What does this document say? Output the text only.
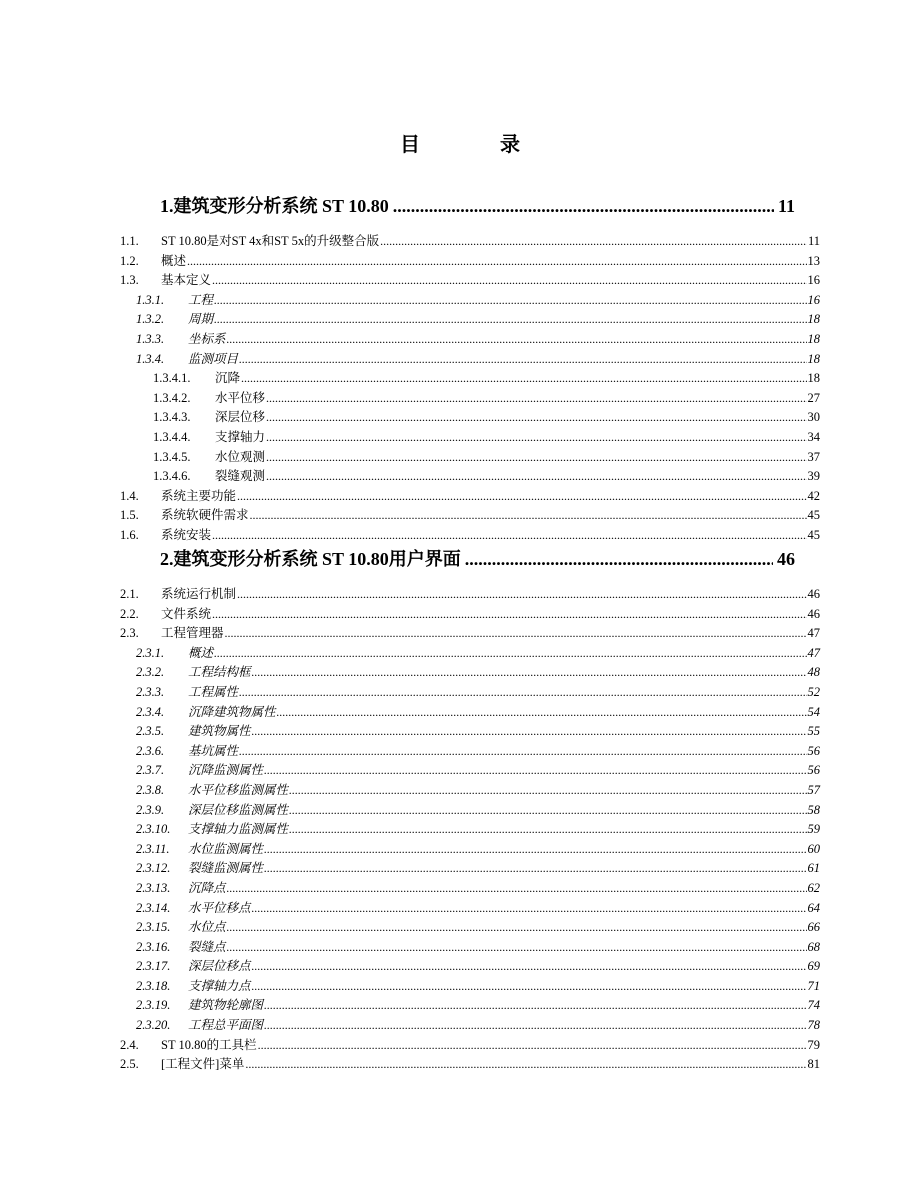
目　录
1.建筑变形分析系统 ST 10.80 .....	11
1.1.	ST 10.80是对ST 4x和ST 5x的升级整合版 .....	11
1.2.	概述 .....	13
1.3.	基本定义 .....	16
1.3.1.	工程 .....	16
1.3.2.	周期 .....	18
1.3.3.	坐标系 .....	18
1.3.4.	监测项目 .....	18
1.3.4.1.	沉降 .....	18
1.3.4.2.	水平位移 .....	27
1.3.4.3.	深层位移 .....	30
1.3.4.4.	支撑轴力 .....	34
1.3.4.5.	水位观测 .....	37
1.3.4.6.	裂缝观测 .....	39
1.4.	系统主要功能 .....	42
1.5.	系统软硬件需求 .....	45
1.6.	系统安装 .....	45
2.建筑变形分析系统 ST 10.80用户界面 .....	46
2.1.	系统运行机制 .....	46
2.2.	文件系统 .....	46
2.3.	工程管理器 .....	47
2.3.1.	概述 .....	47
2.3.2.	工程结构框 .....	48
2.3.3.	工程属性 .....	52
2.3.4.	沉降建筑物属性 .....	54
2.3.5.	建筑物属性 .....	55
2.3.6.	基坑属性 .....	56
2.3.7.	沉降监测属性 .....	56
2.3.8.	水平位移监测属性 .....	57
2.3.9.	深层位移监测属性 .....	58
2.3.10.	支撑轴力监测属性 .....	59
2.3.11.	水位监测属性 .....	60
2.3.12.	裂缝监测属性 .....	61
2.3.13.	沉降点 .....	62
2.3.14.	水平位移点 .....	64
2.3.15.	水位点 .....	66
2.3.16.	裂缝点 .....	68
2.3.17.	深层位移点 .....	69
2.3.18.	支撑轴力点 .....	71
2.3.19.	建筑物轮廓图 .....	74
2.3.20.	工程总平面图 .....	78
2.4.	ST 10.80的工具栏 .....	79
2.5.	[工程文件]菜单 .....	81
